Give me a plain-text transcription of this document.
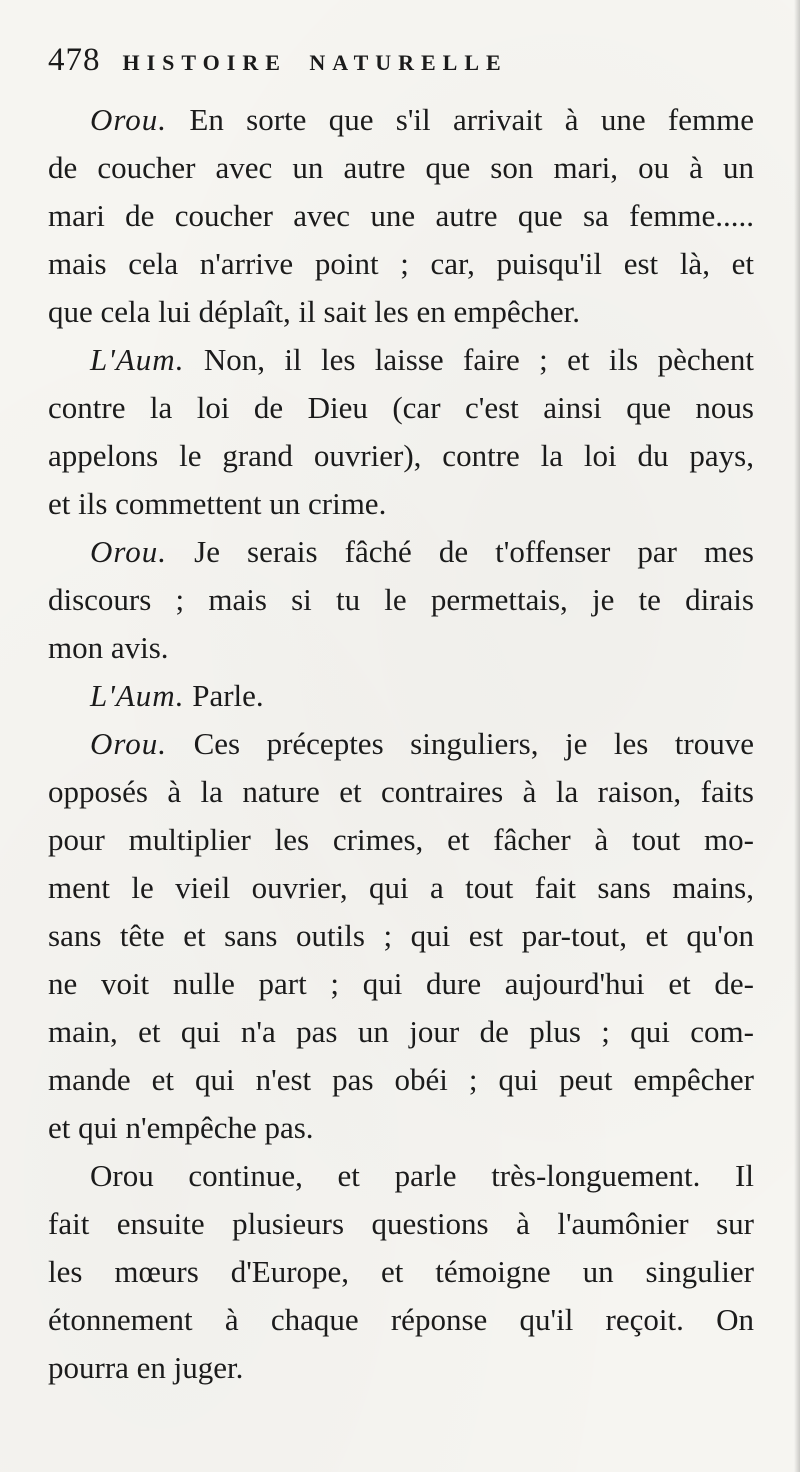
478 HISTOIRE NATURELLE
Orou. En sorte que s'il arrivait à une femme
de coucher avec un autre que son mari, ou à un
mari de coucher avec une autre que sa femme.....
mais cela n'arrive point ; car, puisqu'il est là, et
que cela lui déplaît, il sait les en empêcher.
L'Aum. Non, il les laisse faire ; et ils pèchent
contre la loi de Dieu (car c'est ainsi que nous
appelons le grand ouvrier), contre la loi du pays,
et ils commettent un crime.
Orou. Je serais fâché de t'offenser par mes
discours ; mais si tu le permettais, je te dirais
mon avis.
L'Aum. Parle.
Orou. Ces préceptes singuliers, je les trouve
opposés à la nature et contraires à la raison, faits
pour multiplier les crimes, et fâcher à tout mo-
ment le vieil ouvrier, qui a tout fait sans mains,
sans tête et sans outils ; qui est par-tout, et qu'on
ne voit nulle part ; qui dure aujourd'hui et de-
main, et qui n'a pas un jour de plus ; qui com-
mande et qui n'est pas obéi ; qui peut empêcher
et qui n'empêche pas.
Orou continue, et parle très-longuement. Il
fait ensuite plusieurs questions à l'aumônier sur
les mœurs d'Europe, et témoigne un singulier
étonnement à chaque réponse qu'il reçoit. On
pourra en juger.
